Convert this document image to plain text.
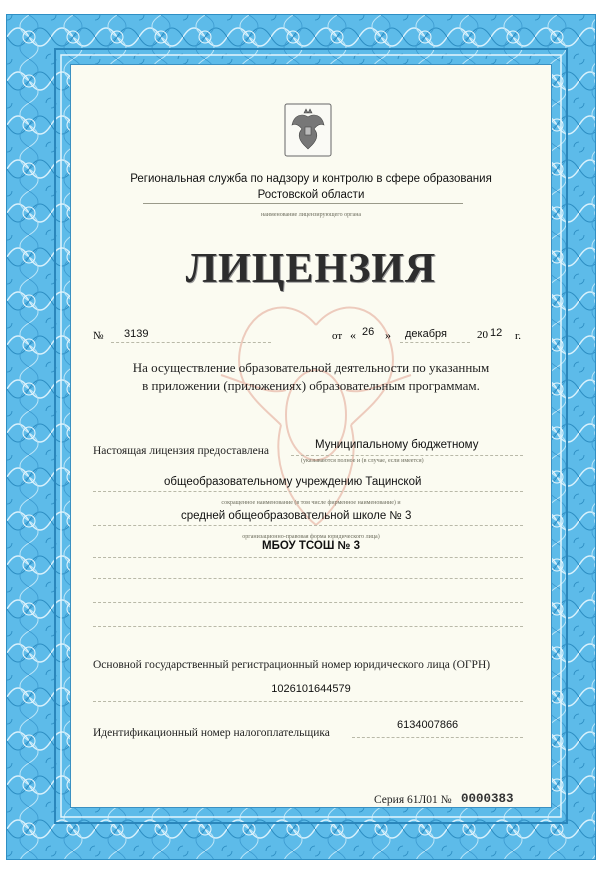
Региональная служба по надзору и контролю в сфере образования

Ростовской области

наименование лицензирующего органа

ЛИЦЕНЗИЯ

№ 3139	от « 26 » декабря	20 12 г.

На осуществление образовательной деятельности по указанным

в приложении (приложениях) образовательным программам.

Настоящая лицензия предоставлена	Муниципальному бюджетному

(указываются полное и (в случае, если имеется)

общеобразовательному учреждению Тацинской

сокращенное наименование (в том числе фирменное наименование) и

средней общеобразовательной школе № 3

организационно-правовая форма юридического лица)

МБОУ ТСОШ № 3

Основной государственный регистрационный номер юридического лица (ОГРН)

1026101644579

Идентификационный номер налогоплательщика

6134007866

Серия 61Л01 № 0000383
